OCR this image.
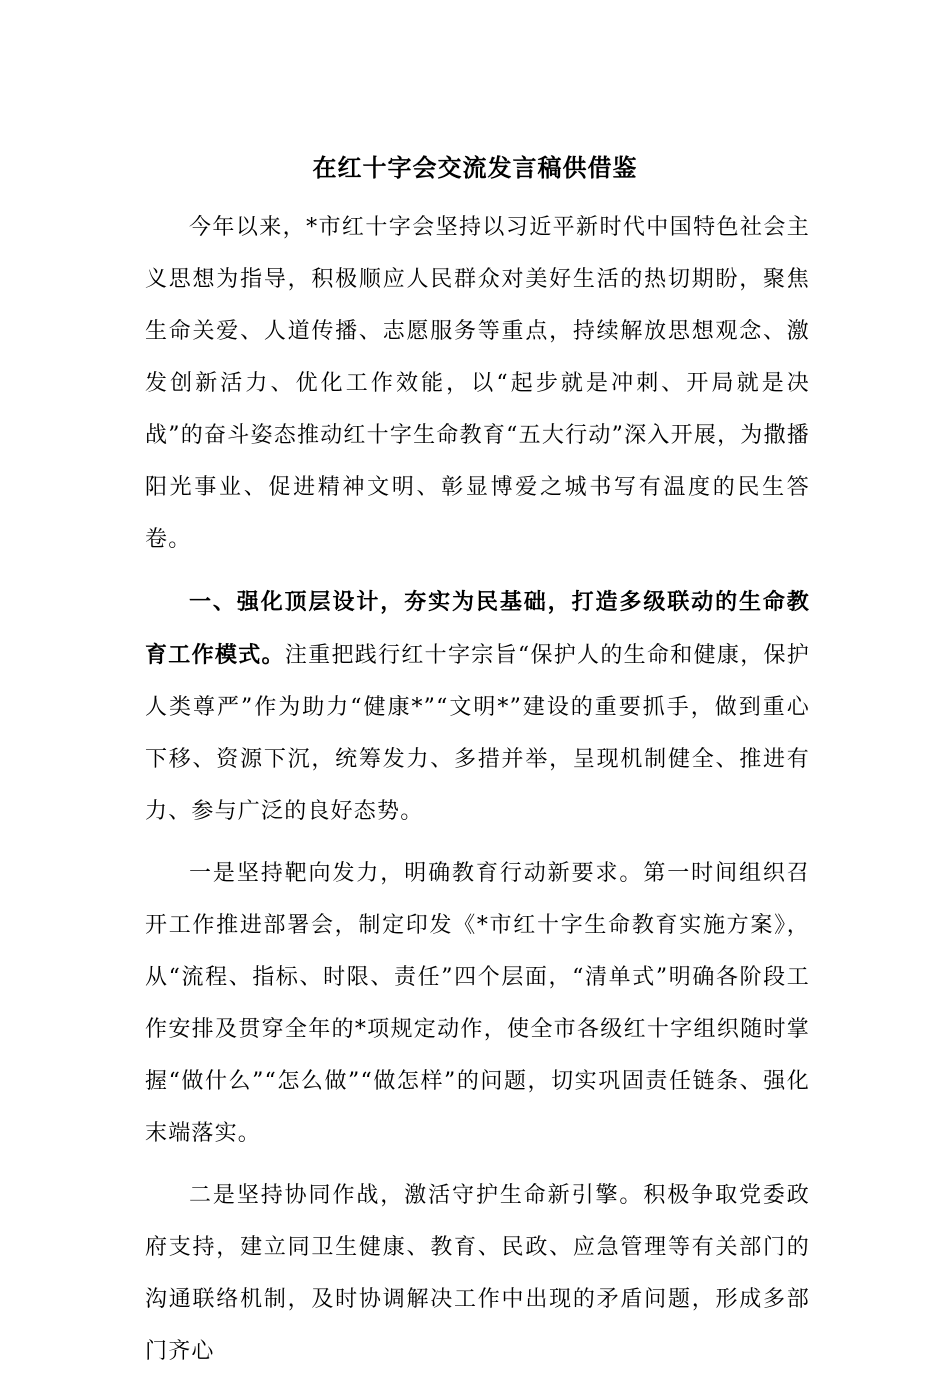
在红十字会交流发言稿供借鉴

今年以来，*市红十字会坚持以习近平新时代中国特色社会主义思想为指导，积极顺应人民群众对美好生活的热切期盼，聚焦生命关爱、人道传播、志愿服务等重点，持续解放思想观念、激发创新活力、优化工作效能，以“起步就是冲刺、开局就是决战”的奋斗姿态推动红十字生命教育“五大行动”深入开展，为撒播阳光事业、促进精神文明、彰显博爱之城书写有温度的民生答卷。

一、强化顶层设计，夯实为民基础，打造多级联动的生命教育工作模式。注重把践行红十字宗旨“保护人的生命和健康，保护人类尊严”作为助力“健康*”“文明*”建设的重要抓手，做到重心下移、资源下沉，统筹发力、多措并举，呈现机制健全、推进有力、参与广泛的良好态势。

一是坚持靶向发力，明确教育行动新要求。第一时间组织召开工作推进部署会，制定印发《*市红十字生命教育实施方案》，从“流程、指标、时限、责任”四个层面，“清单式”明确各阶段工作安排及贯穿全年的*项规定动作，使全市各级红十字组织随时掌握“做什么”“怎么做”“做怎样”的问题，切实巩固责任链条、强化末端落实。

二是坚持协同作战，激活守护生命新引擎。积极争取党委政府支持，建立同卫生健康、教育、民政、应急管理等有关部门的沟通联络机制，及时协调解决工作中出现的矛盾问题，形成多部门齐心
